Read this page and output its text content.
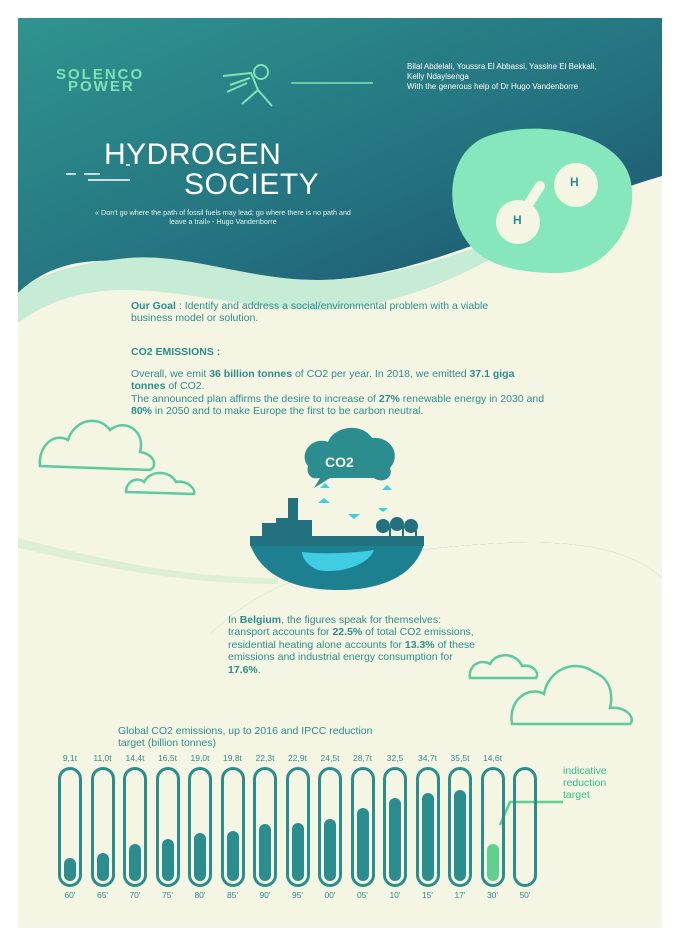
SOLENCO
POWER
Bilal Abdelali, Youssra El Abbassi, Yassine El Bekkali,
Kelly Ndayisenga
With the generous help of Dr Hugo Vandenborre
HYDROGEN
SOCIETY
« Don't go where the path of fossil fuels may lead; go where there is no path and leave a trail» - Hugo Vandenborre
H
H
Our Goal : Identify and address a social/environmental problem with a viable business model or solution.
CO2 EMISSIONS :
Overall, we emit 36 billion tonnes of CO2 per year. In 2018, we emitted 37.1 giga tonnes of CO2.
The announced plan affirms the desire to increase of 27% renewable energy in 2030 and 80% in 2050 and to make Europe the first to be carbon neutral.
CO2
In Belgium, the figures speak for themselves: transport accounts for 22.5% of total CO2 emissions, residential heating alone accounts for 13.3% of these emissions and industrial energy consumption for 17.6%.
Global CO2 emissions, up to 2016 and IPCC reduction target (billion tonnes)
indicative reduction target
9,1t
60'
11,0t
65'
14,4t
70'
16,5t
75'
19,0t
80'
19,8t
85'
22,3t
90'
22,9t
95'
24,5t
00'
28,7t
05'
32,5
10'
34,7t
15'
35,5t
17'
14,6t
30'	50'
